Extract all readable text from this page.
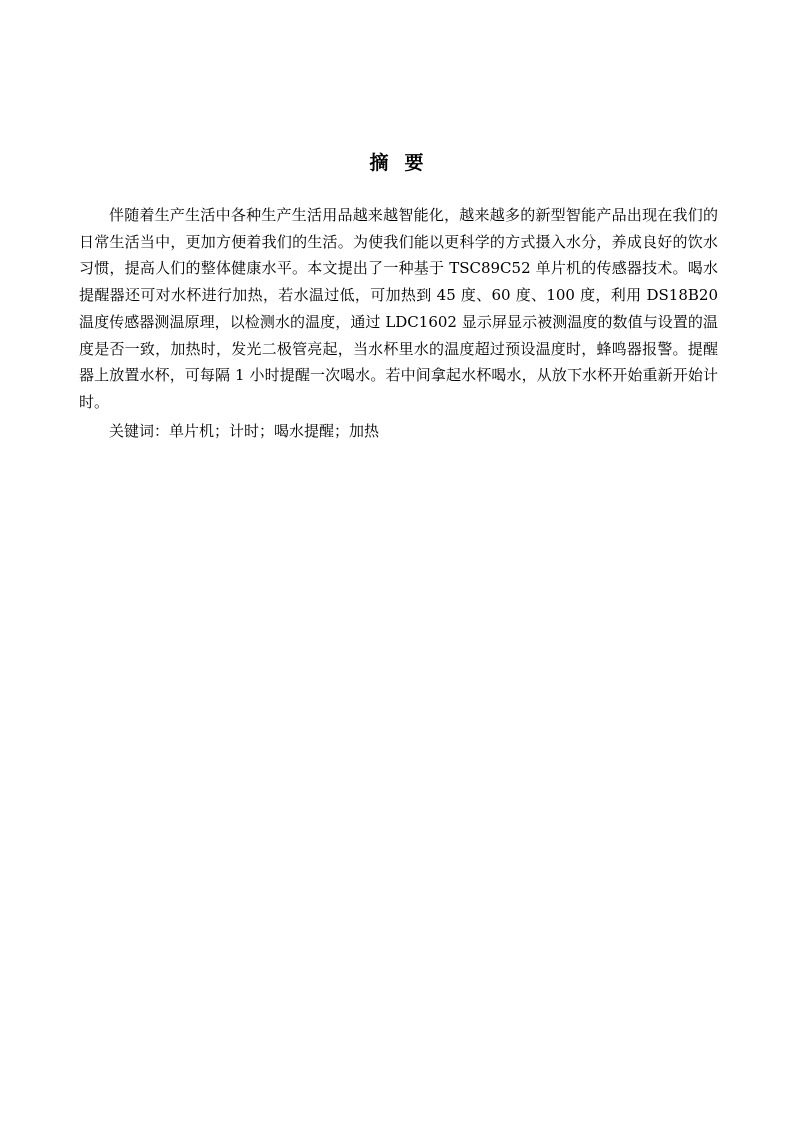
摘要

伴随着生产生活中各种生产生活用品越来越智能化，越来越多的新型智能产品出现在我们的日常生活当中，更加方便着我们的生活。为使我们能以更科学的方式摄入水分，养成良好的饮水习惯，提高人们的整体健康水平。本文提出了一种基于 TSC89C52 单片机的传感器技术。喝水提醒器还可对水杯进行加热，若水温过低，可加热到 45 度、60 度、100 度，利用 DS18B20 温度传感器测温原理，以检测水的温度，通过 LDC1602 显示屏显示被测温度的数值与设置的温度是否一致，加热时，发光二极管亮起，当水杯里水的温度超过预设温度时，蜂鸣器报警。提醒器上放置水杯，可每隔 1 小时提醒一次喝水。若中间拿起水杯喝水，从放下水杯开始重新开始计时。

关键词：单片机；计时；喝水提醒；加热
